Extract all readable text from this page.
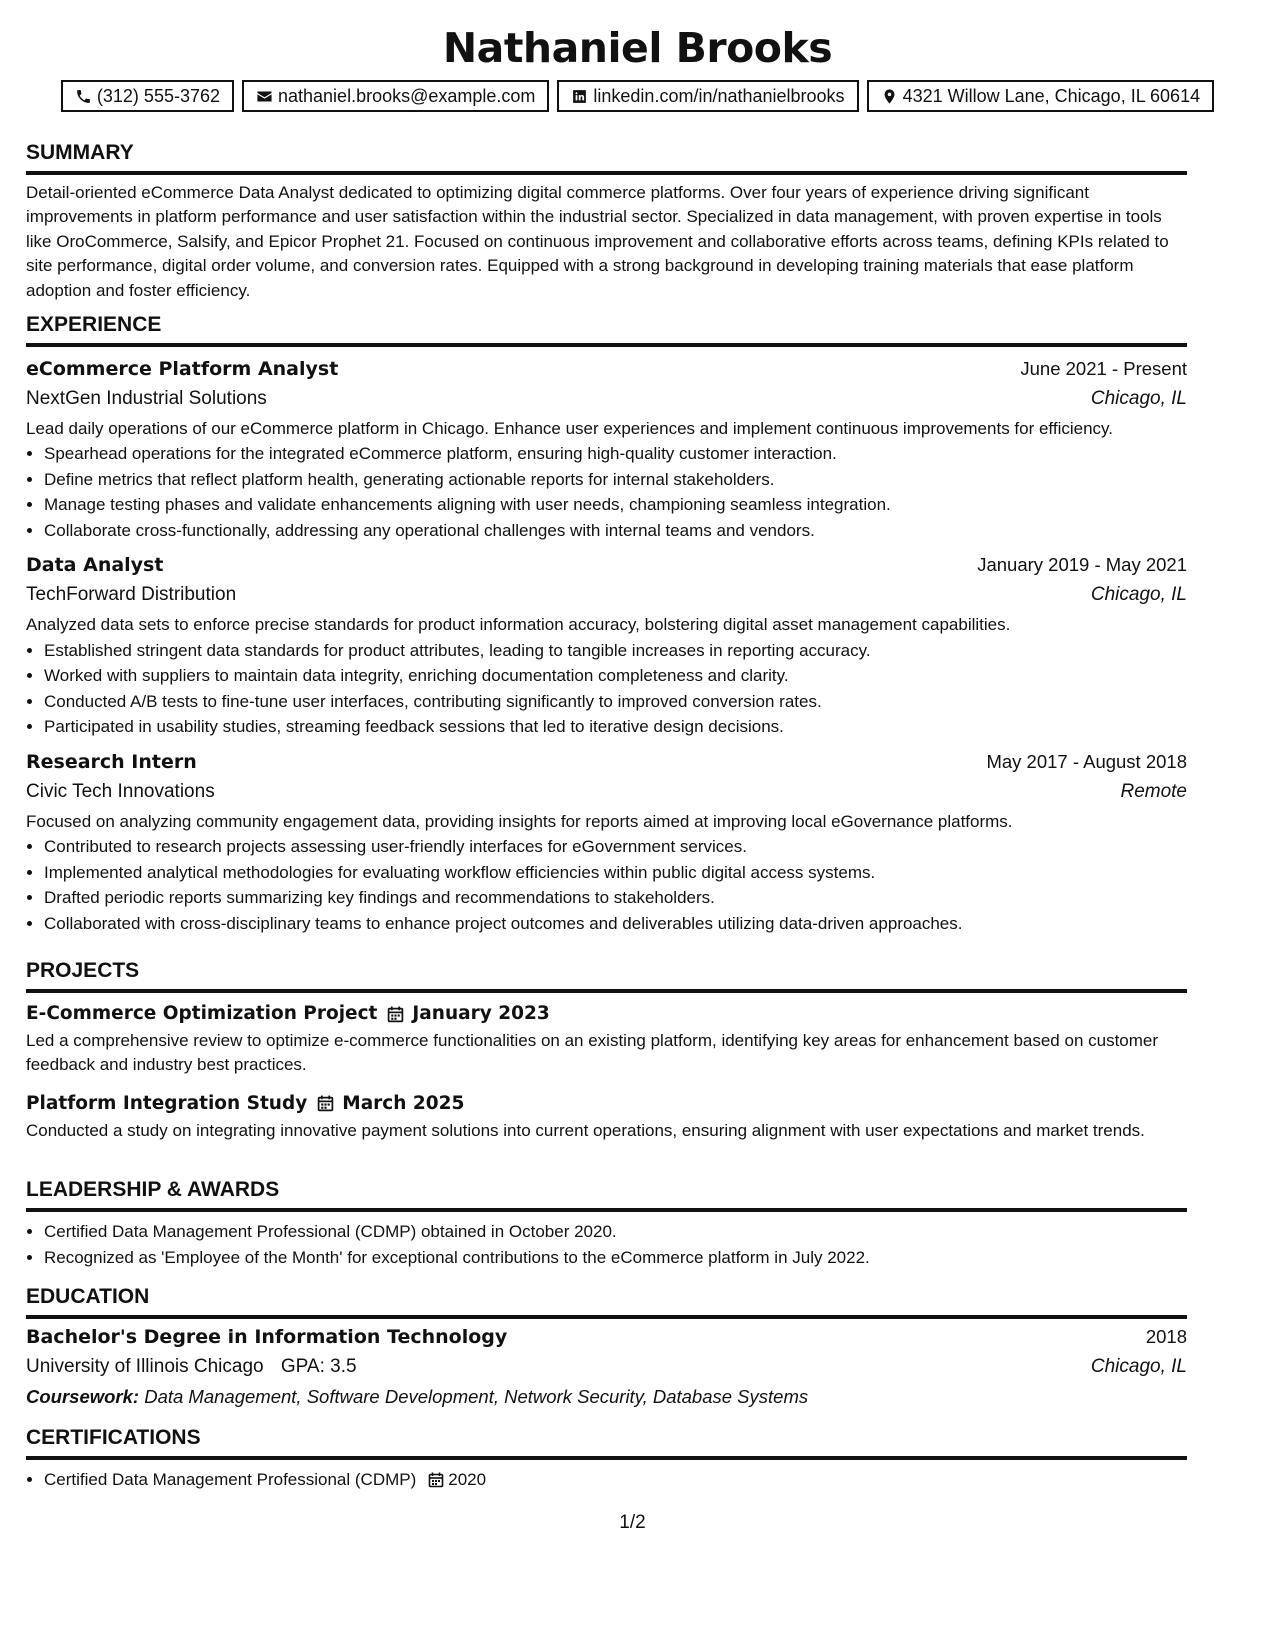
Nathaniel Brooks
(312) 555-3762	nathaniel.brooks@example.com	linkedin.com/in/nathanielbrooks	4321 Willow Lane, Chicago, IL 60614
SUMMARY

Detail-oriented eCommerce Data Analyst dedicated to optimizing digital commerce platforms. Over four years of experience driving significant improvements in platform performance and user satisfaction within the industrial sector. Specialized in data management, with proven expertise in tools like OroCommerce, Salsify, and Epicor Prophet 21. Focused on continuous improvement and collaborative efforts across teams, defining KPIs related to site performance, digital order volume, and conversion rates. Equipped with a strong background in developing training materials that ease platform adoption and foster efficiency.

EXPERIENCE
eCommerce Platform Analyst	June 2021 - Present
NextGen Industrial Solutions	Chicago, IL

Lead daily operations of our eCommerce platform in Chicago. Enhance user experiences and implement continuous improvements for efficiency.

• Spearhead operations for the integrated eCommerce platform, ensuring high-quality customer interaction.
• Define metrics that reflect platform health, generating actionable reports for internal stakeholders.
• Manage testing phases and validate enhancements aligning with user needs, championing seamless integration.
• Collaborate cross-functionally, addressing any operational challenges with internal teams and vendors.
Data Analyst	January 2019 - May 2021
TechForward Distribution	Chicago, IL

Analyzed data sets to enforce precise standards for product information accuracy, bolstering digital asset management capabilities.

• Established stringent data standards for product attributes, leading to tangible increases in reporting accuracy.
• Worked with suppliers to maintain data integrity, enriching documentation completeness and clarity.
• Conducted A/B tests to fine-tune user interfaces, contributing significantly to improved conversion rates.
• Participated in usability studies, streaming feedback sessions that led to iterative design decisions.
Research Intern	May 2017 - August 2018
Civic Tech Innovations	Remote

Focused on analyzing community engagement data, providing insights for reports aimed at improving local eGovernance platforms.

• Contributed to research projects assessing user-friendly interfaces for eGovernment services.
• Implemented analytical methodologies for evaluating workflow efficiencies within public digital access systems.
• Drafted periodic reports summarizing key findings and recommendations to stakeholders.
• Collaborated with cross-disciplinary teams to enhance project outcomes and deliverables utilizing data-driven approaches.
PROJECTS
E-Commerce Optimization Project January 2023

Led a comprehensive review to optimize e-commerce functionalities on an existing platform, identifying key areas for enhancement based on customer feedback and industry best practices.

Platform Integration Study March 2025

Conducted a study on integrating innovative payment solutions into current operations, ensuring alignment with user expectations and market trends.

LEADERSHIP & AWARDS
• Certified Data Management Professional (CDMP) obtained in October 2020.
• Recognized as 'Employee of the Month' for exceptional contributions to the eCommerce platform in July 2022.
EDUCATION
Bachelor's Degree in Information Technology	2018
University of Illinois Chicago GPA: 3.5	Chicago, IL
Coursework: Data Management, Software Development, Network Security, Database Systems
CERTIFICATIONS
• Certified Data Management Professional (CDMP) 2020
1/2
